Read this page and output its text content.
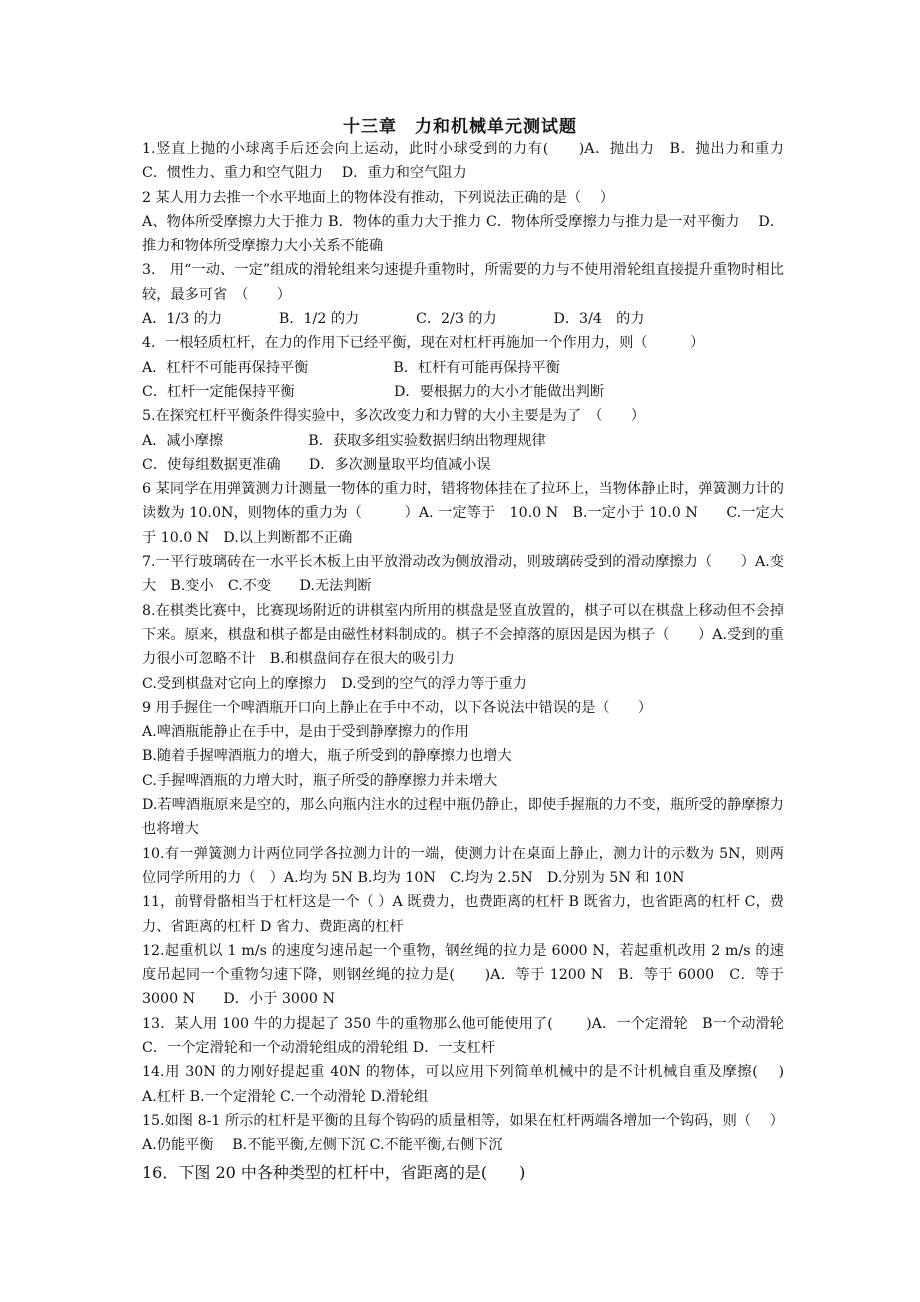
十三章　力和机械单元测试题

1.竖直上抛的小球离手后还会向上运动，此时小球受到的力有(　　)A．抛出力　B．抛出力和重力 C．惯性力、重力和空气阻力　 D．重力和空气阻力

2 某人用力去推一个水平地面上的物体没有推动，下列说法正确的是（　 ）

A、物体所受摩擦力大于推力 B．物体的重力大于推力 C．物体所受摩擦力与推力是一对平衡力　 D．推力和物体所受摩擦力大小关系不能确

3.　用“一动、一定”组成的滑轮组来匀速提升重物时，所需要的力与不使用滑轮组直接提升重物时相比较，最多可省　（　　）

A．1/3 的力　　　　B．1/2 的力　　　　C．2/3 的力　　　　D．3/4　的力

4．一根轻质杠杆，在力的作用下已经平衡，现在对杠杆再施加一个作用力，则（　　　）

A．杠杆不可能再保持平衡　　　　　　B．杠杆有可能再保持平衡

C．杠杆一定能保持平衡　　　　　　　D．要根据力的大小才能做出判断

5.在探究杠杆平衡条件得实验中，多次改变力和力臂的大小主要是为了　（　　）

A．减小摩擦　　　　　　B．获取多组实验数据归纳出物理规律

C．使每组数据更准确　　D．多次测量取平均值减小误

6 某同学在用弹簧测力计测量一物体的重力时，错将物体挂在了拉环上，当物体静止时，弹簧测力计的读数为 10.0N，则物体的重力为（　　　）A. 一定等于　10.0 N　B.一定小于 10.0 N　　C.一定大于 10.0 N　D.以上判断都不正确

7.一平行玻璃砖在一水平长木板上由平放滑动改为侧放滑动，则玻璃砖受到的滑动摩擦力（　　）A.变大　B.变小　C.不变　　D.无法判断

8.在棋类比赛中，比赛现场附近的讲棋室内所用的棋盘是竖直放置的，棋子可以在棋盘上移动但不会掉下来。原来，棋盘和棋子都是由磁性材料制成的。棋子不会掉落的原因是因为棋子（　　）A.受到的重力很小可忽略不计　B.和棋盘间存在很大的吸引力

C.受到棋盘对它向上的摩擦力　D.受到的空气的浮力等于重力

9 用手握住一个啤酒瓶开口向上静止在手中不动，以下各说法中错误的是（　　）

A.啤酒瓶能静止在手中，是由于受到静摩擦力的作用

B.随着手握啤酒瓶力的增大，瓶子所受到的静摩擦力也增大

C.手握啤酒瓶的力增大时，瓶子所受的静摩擦力并未增大

D.若啤酒瓶原来是空的，那么向瓶内注水的过程中瓶仍静止，即使手握瓶的力不变，瓶所受的静摩擦力也将增大

10.有一弹簧测力计两位同学各拉测力计的一端，使测力计在桌面上静止，测力计的示数为 5N，则两位同学所用的力（　）A.均为 5N B.均为 10N　C.均为 2.5N　D.分别为 5N 和 10N

11，前臂骨骼相当于杠杆这是一个（ ）A 既费力，也费距离的杠杆 B 既省力，也省距离的杠杆 C，费力、省距离的杠杆 D 省力、费距离的杠杆

12.起重机以 1 m/s 的速度匀速吊起一个重物，钢丝绳的拉力是 6000 N，若起重机改用 2 m/s 的速度吊起同一个重物匀速下降，则钢丝绳的拉力是(　　)A．等于 1200 N　B．等于 6000　C．等于 3000 N　　D．小于 3000 N

13．某人用 100 牛的力提起了 350 牛的重物那么他可能使用了(　　 )A．一个定滑轮　B一个动滑轮 C．一个定滑轮和一个动滑轮组成的滑轮组 D．一支杠杆

14.用 30N 的力刚好提起重 40N 的物体，可以应用下列简单机械中的是不计机械自重及摩擦(　 )　 A.杠杆 B.一个定滑轮 C.一个动滑轮 D.滑轮组

15.如图 8-1 所示的杠杆是平衡的且每个钩码的质量相等，如果在杠杆两端各增加一个钩码，则（　 ） A.仍能平衡　 B.不能平衡,左侧下沉 C.不能平衡,右侧下沉

16．下图 20 中各种类型的杠杆中，省距离的是(　　)
